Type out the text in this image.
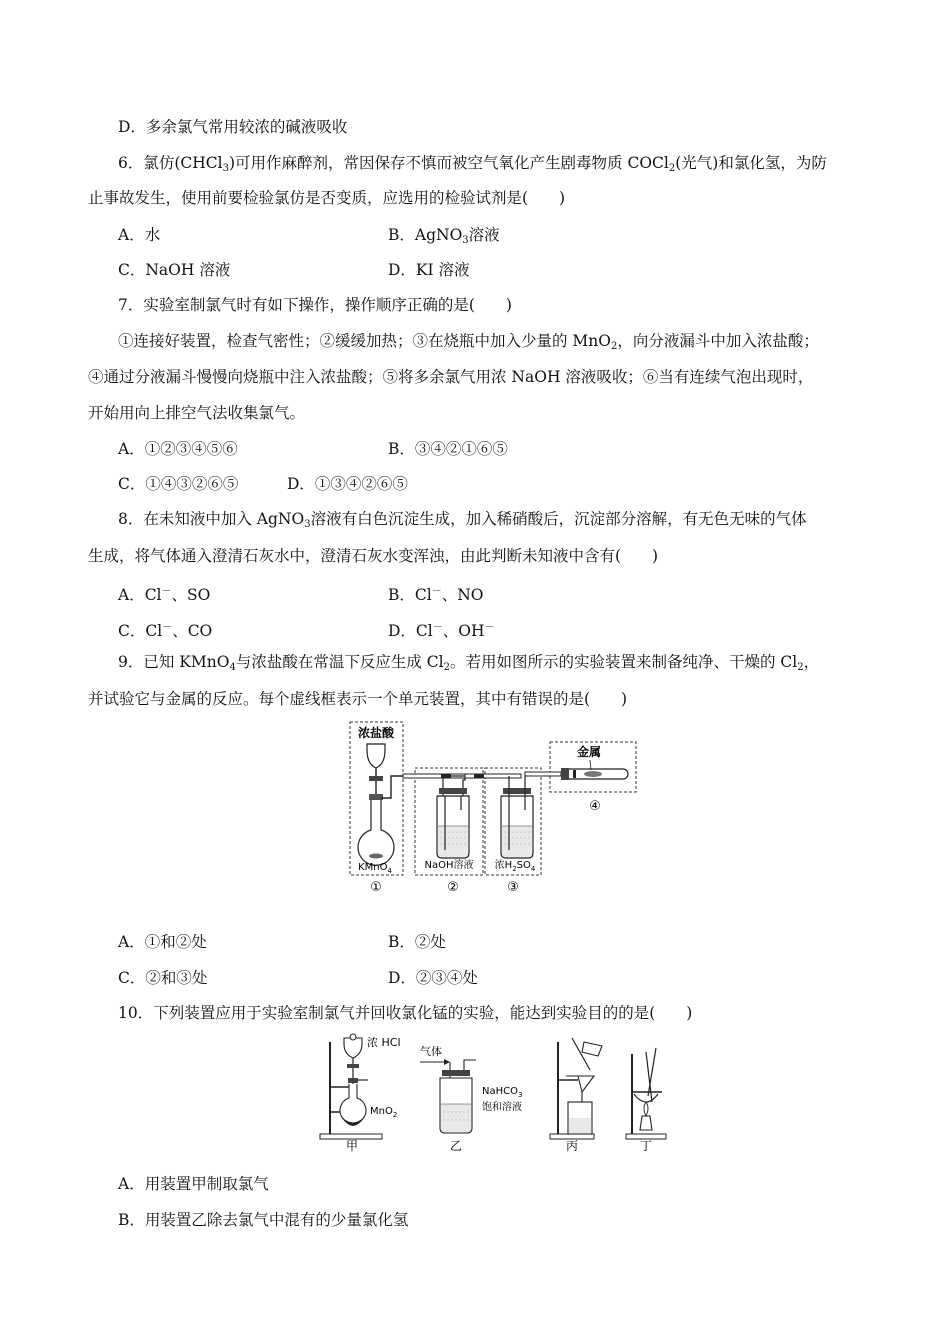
D．多余氯气常用较浓的碱液吸收
6．氯仿(CHCl$_3$)可用作麻醉剂，常因保存不慎而被空气氧化产生剧毒物质 COCl$_2$(光气)和氯化氢，为防
止事故发生，使用前要检验氯仿是否变质，应选用的检验试剂是(　　)
A．水	B．AgNO$_3$溶液
C．NaOH 溶液	D．KI 溶液
7．实验室制氯气时有如下操作，操作顺序正确的是(　　)
①连接好装置，检查气密性；②缓缓加热；③在烧瓶中加入少量的 MnO$_2$，向分液漏斗中加入浓盐酸；
④通过分液漏斗慢慢向烧瓶中注入浓盐酸；⑤将多余氯气用浓 NaOH 溶液吸收；⑥当有连续气泡出现时，
开始用向上排空气法收集氯气。
A．①②③④⑤⑥	B．③④②①⑥⑤
C．①④③②⑥⑤	D．①③④②⑥⑤
8．在未知液中加入 AgNO$_3$溶液有白色沉淀生成，加入稀硝酸后，沉淀部分溶解，有无色无味的气体
生成，将气体通入澄清石灰水中，澄清石灰水变浑浊，由此判断未知液中含有(　　)
A．Cl－、SO	B．Cl－、NO
C．Cl－、CO	D．Cl－、OH－
9．已知 KMnO$_4$与浓盐酸在常温下反应生成 $Cl_2$。若用如图所示的实验装置来制备纯净、干燥的 $Cl_2$，
并试验它与金属的反应。每个虚线框表示一个单元装置，其中有错误的是(　　)
浓盐酸
KMnO$_4$	NaOH溶液 浓$H_2SO_4$
金属
①	②	③
④
A．①和②处	B．②处
C．②和③处	D．②③④处
10．下列装置应用于实验室制氯气并回收氯化锰的实验，能达到实验目的的是(　　)
浓 HCl
MnO$_2$
甲
气体
NaHCO$_3$
饱和溶液
乙	丙	丁
A．用装置甲制取氯气
B．用装置乙除去氯气中混有的少量氯化氢
